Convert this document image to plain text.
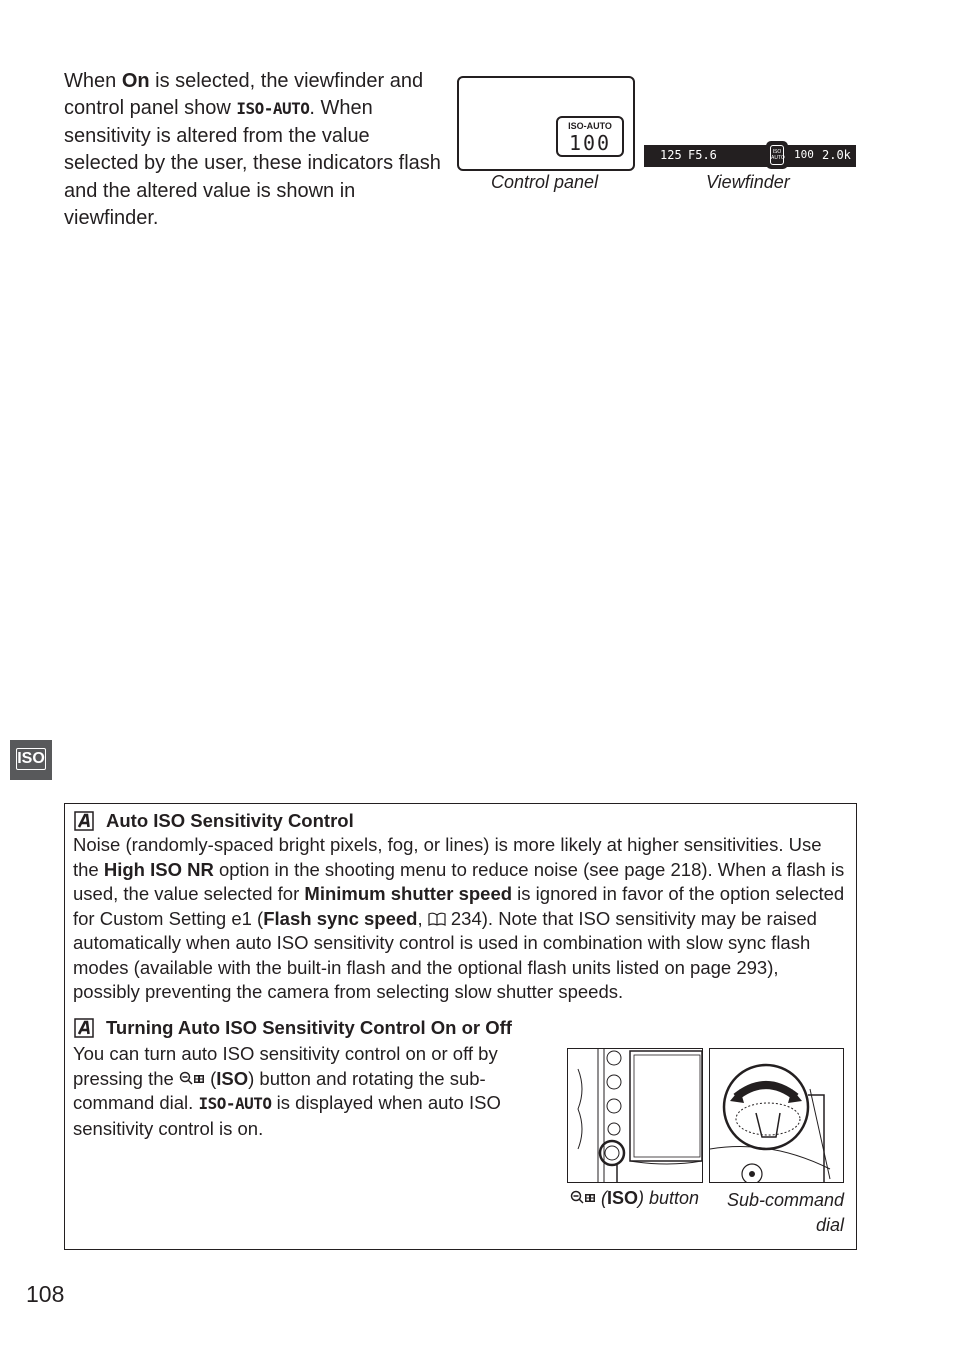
When On is selected, the viewfinder and control panel show ISO-AUTO. When sensitivity is altered from the value selected by the user, these indicators flash and the altered value is shown in viewfinder.
ISO-AUTO
100	125 F5.6	100 2.0k
ISO AUTO
Control panel	Viewfinder
ISO
Auto ISO Sensitivity Control
Noise (randomly-spaced bright pixels, fog, or lines) is more likely at higher sensitivities. Use the High ISO NR option in the shooting menu to reduce noise (see page 218). When a flash is used, the value selected for Minimum shutter speed is ignored in favor of the option selected for Custom Setting e1 (Flash sync speed,  234). Note that ISO sensitivity may be raised automatically when auto ISO sensitivity control is used in combination with slow sync flash modes (available with the built-in flash and the optional flash units listed on page 293), possibly preventing the camera from selecting slow shutter speeds.
Turning Auto ISO Sensitivity Control On or Off
You can turn auto ISO sensitivity control on or off by pressing the  (ISO) button and rotating the sub-command dial. ISO-AUTO is displayed when auto ISO sensitivity control is on.
(ISO) button	Sub-command
dial
108
